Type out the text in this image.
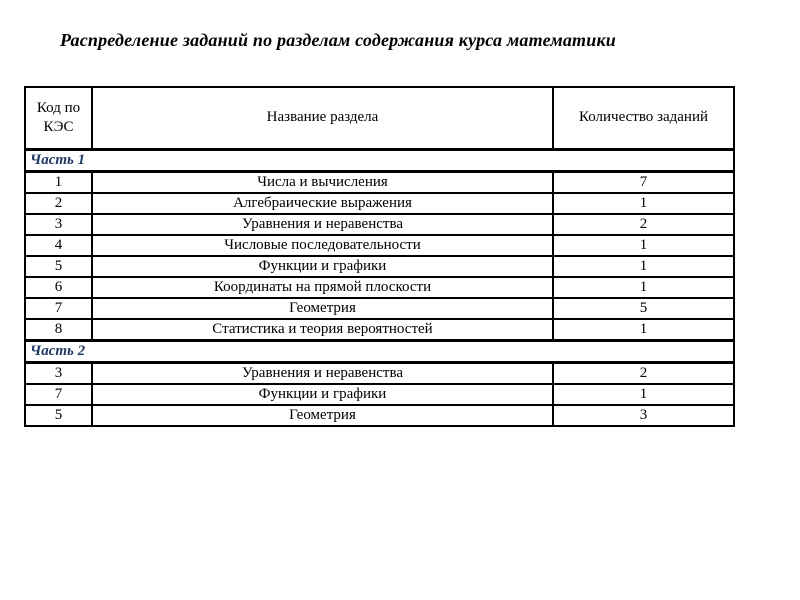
Распределение заданий по разделам содержания курса математики
Код по КЭС	Название раздела	Количество заданий
Часть 1		
1	Числа и вычисления	7
2	Алгебраические выражения	1
3	Уравнения и неравенства	2
4	Числовые последовательности	1
5	Функции и графики	1
6	Координаты на прямой плоскости	1
7	Геометрия	5
8	Статистика и теория вероятностей	1
Часть 2		
3	Уравнения и неравенства	2
7	Функции и графики	1
5	Геометрия	3
